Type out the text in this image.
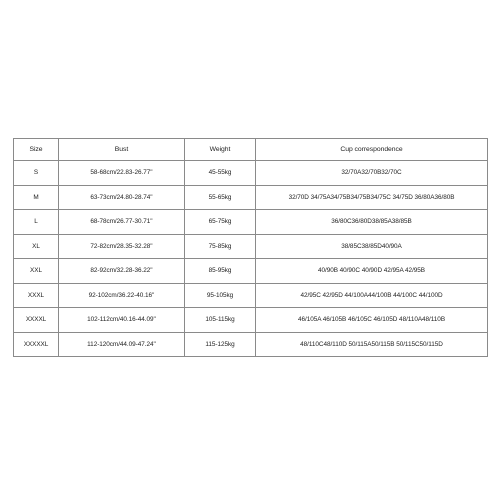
Size	Bust	Weight	Cup correspondence
S	58-68cm/22.83-26.77''	45-55kg	32/70A32/70B32/70C
M	63-73cm/24.80-28.74''	55-65kg	32/70D 34/75A34/75B34/75B34/75C 34/75D 36/80A36/80B
L	68-78cm/26.77-30.71''	65-75kg	36/80C36/80D38/85A38/85B
XL	72-82cm/28.35-32.28''	75-85kg	38/85C38/85D40/90A
XXL	82-92cm/32.28-36.22''	85-95kg	40/90B 40/90C 40/90D 42/95A 42/95B
XXXL	92-102cm/36.22-40.16''	95-105kg	42/95C 42/95D 44/100A44/100B 44/100C 44/100D
XXXXL	102-112cm/40.16-44.09''	105-115kg	46/105A 46/105B 46/105C 46/105D 48/110A48/110B
XXXXXL	112-120cm/44.09-47.24''	115-125kg	48/110C48/110D 50/115A50/115B 50/115C50/115D
